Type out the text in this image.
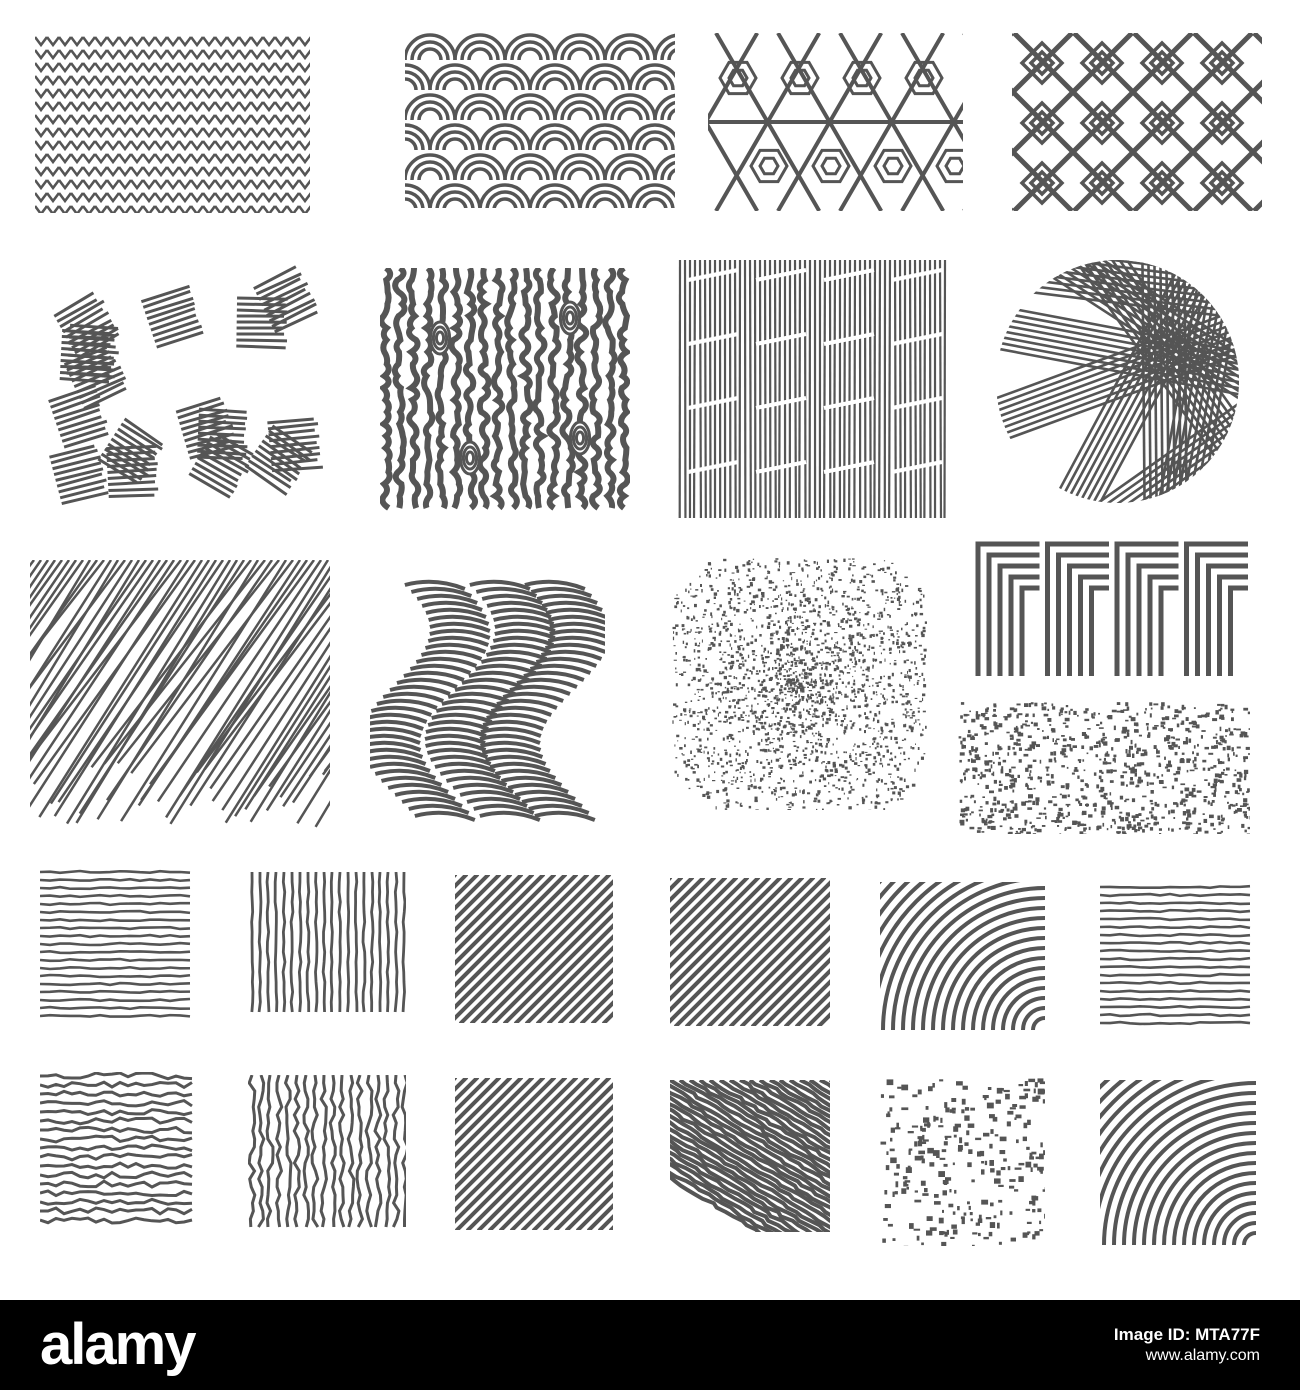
alamy	Image ID: MTA77F
www.alamy.com
